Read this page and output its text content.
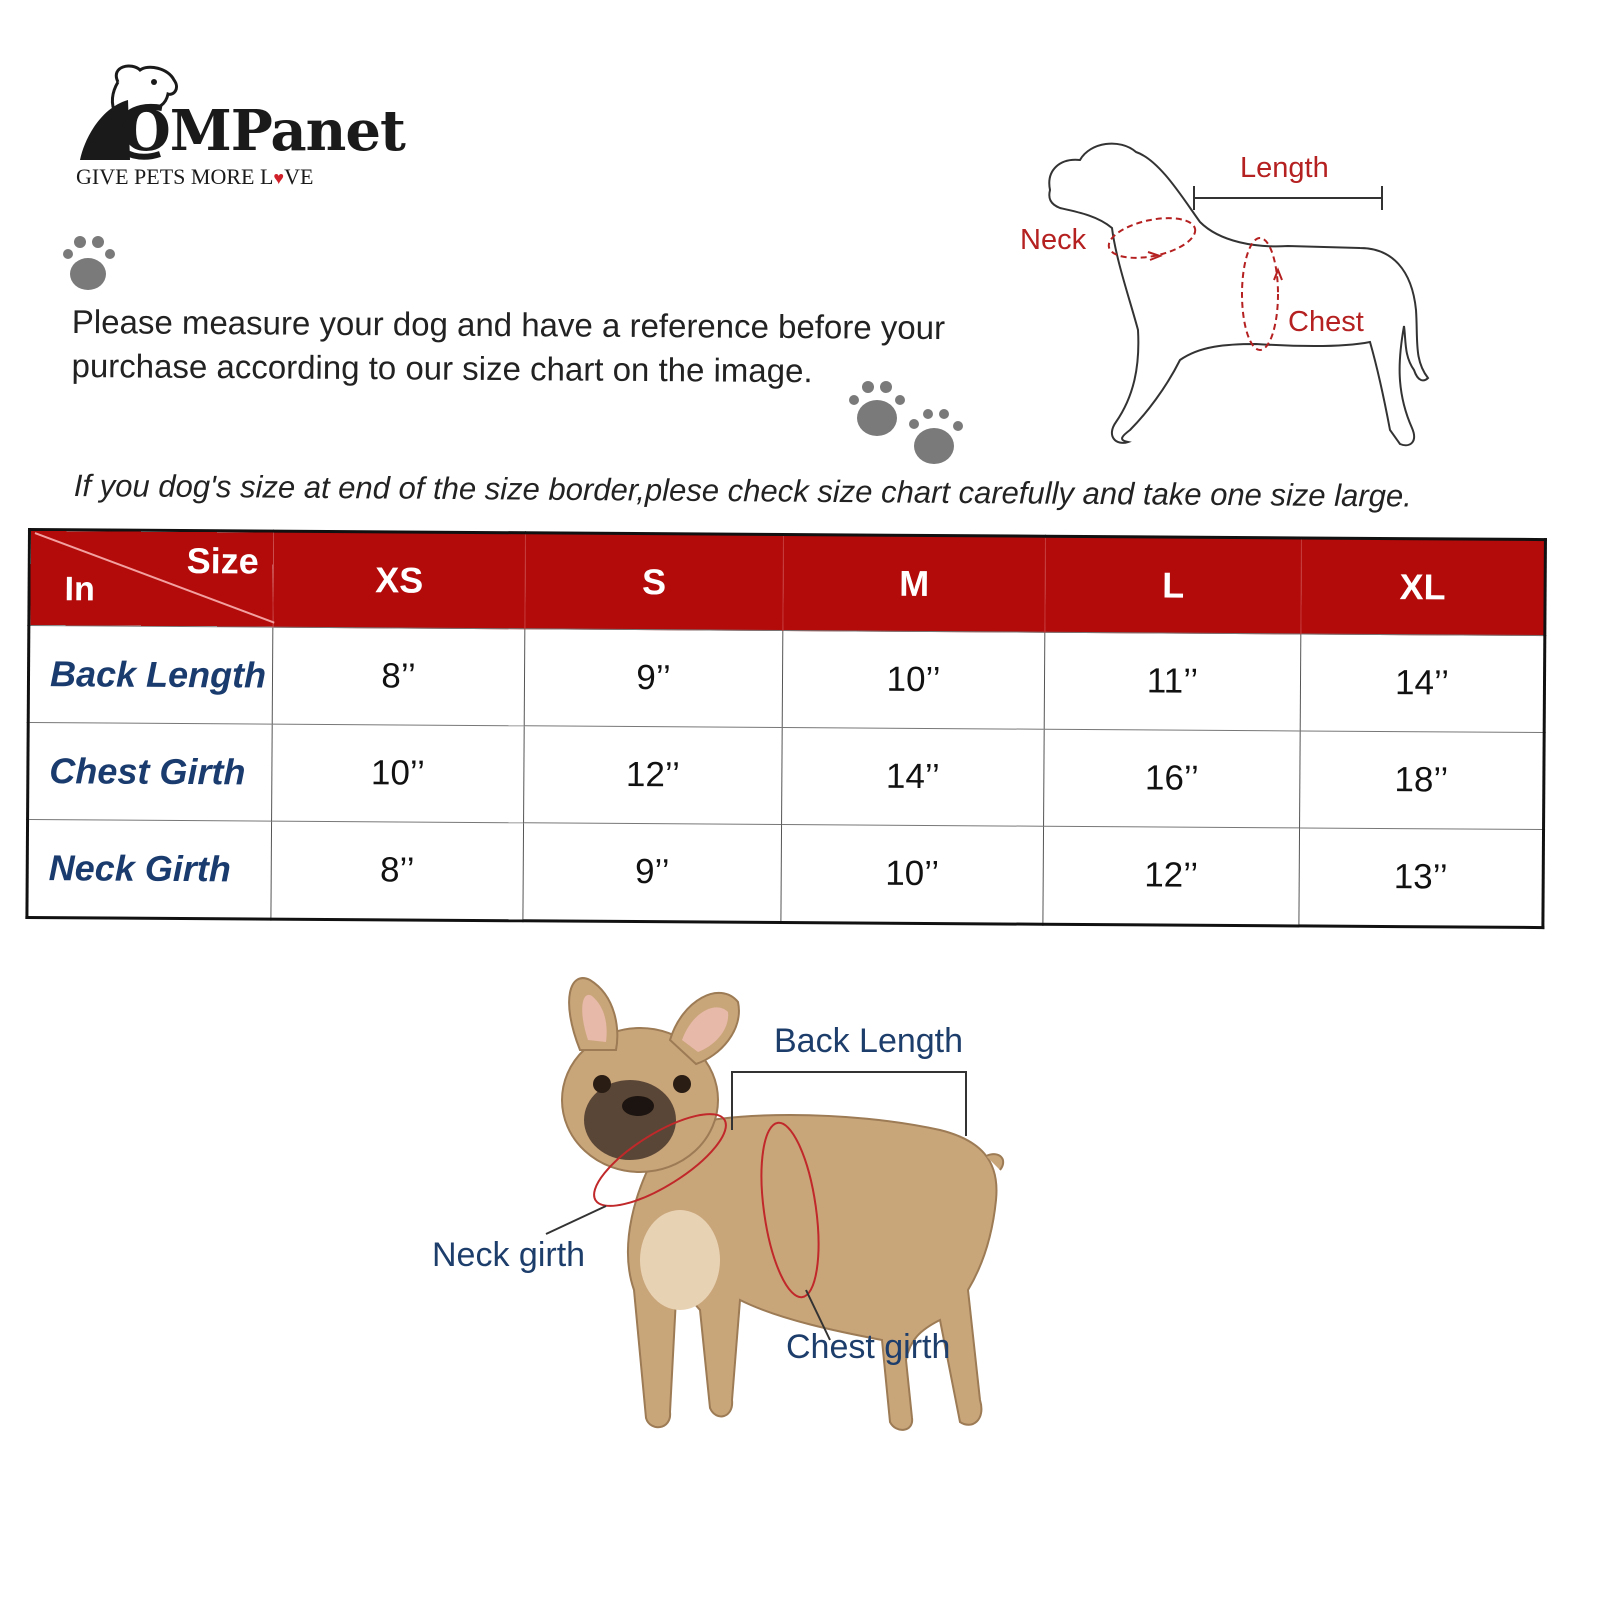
OMPanet
GIVE PETS MORE L♥VE
Please measure your dog and have a reference before your purchase according to our size chart on the image.
If you dog's size at end of the size border,plese check size chart carefully and take one size large.
Length
Neck
Chest
Size
In	XS	S	M	L	XL
Back Length	8’’	9’’	10’’	11’’	14’’
Chest Girth	10’’	12’’	14’’	16’’	18’’
Neck Girth	8’’	9’’	10’’	12’’	13’’
Back Length
Neck girth
Chest girth
